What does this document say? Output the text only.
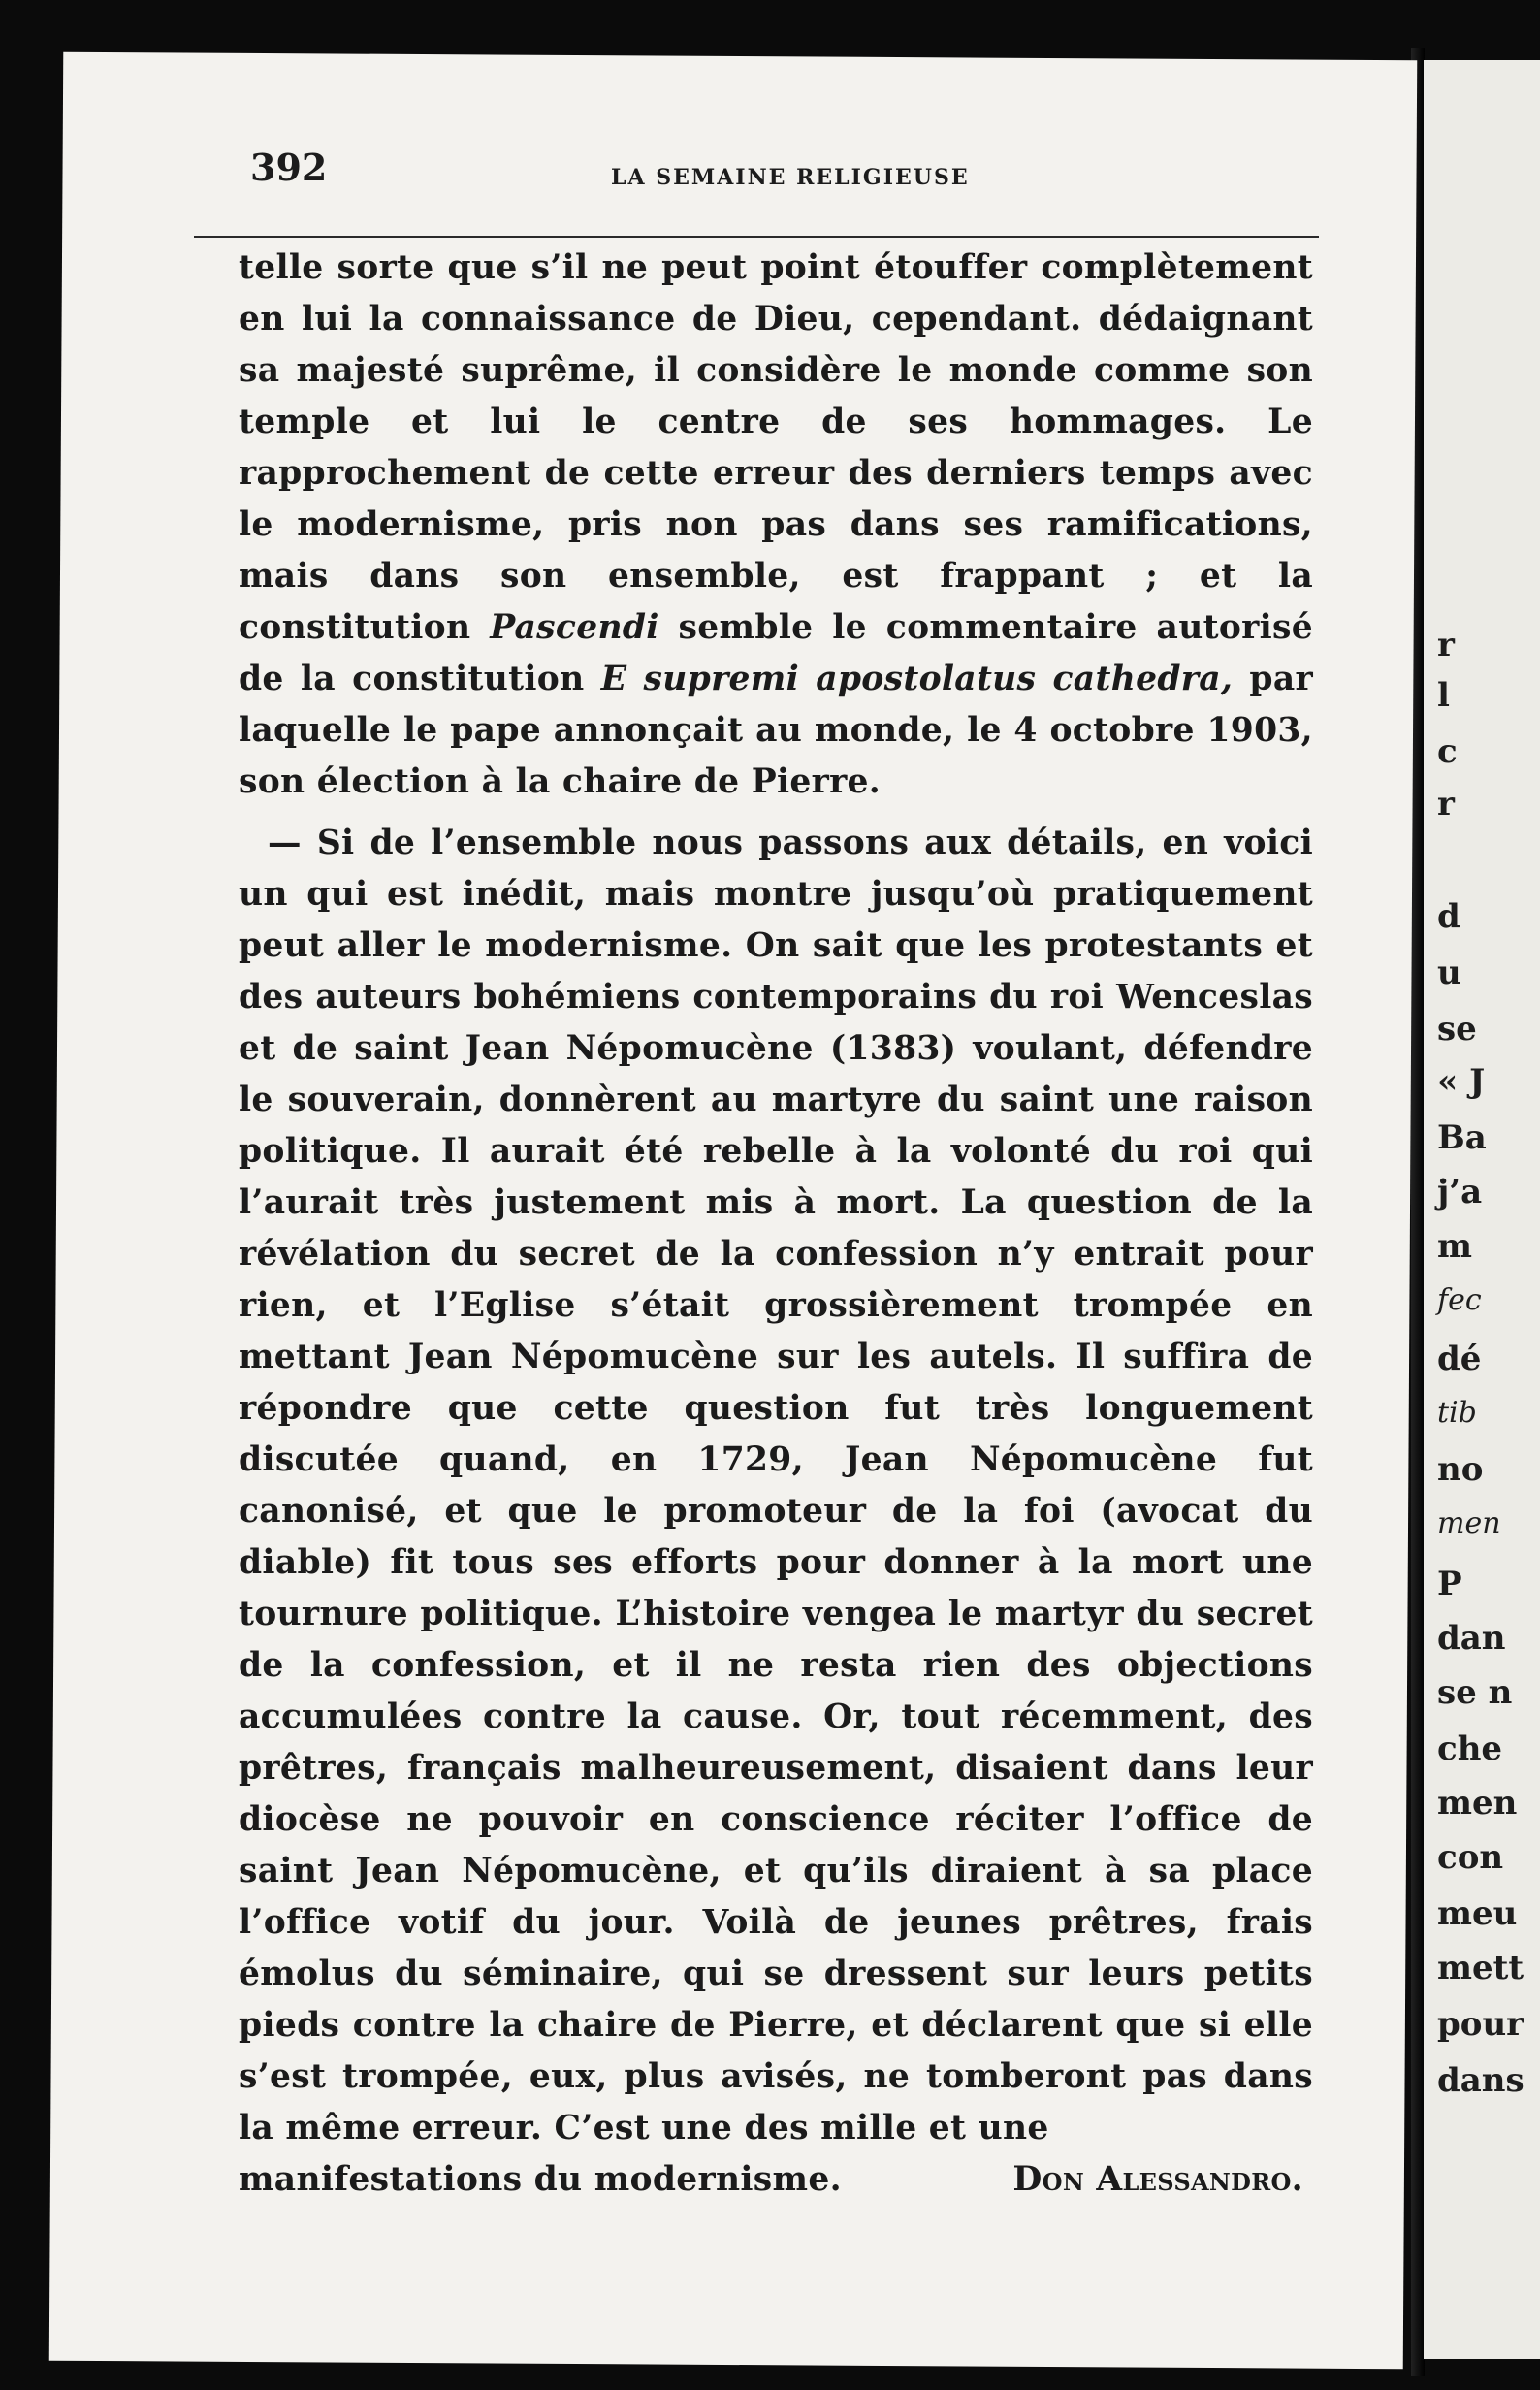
392	LA SEMAINE RELIGIEUSE

telle sorte que s’il ne peut point étouffer complètement en lui la connaissance de Dieu, cependant. dédaignant sa majesté suprême, il considère le monde comme son temple et lui le centre de ses hommages. Le rapprochement de cette erreur des derniers temps avec le modernisme, pris non pas dans ses ramifications, mais dans son ensemble, est frappant ; et la constitution Pascendi semble le commentaire autorisé de la constitution E supremi apostolatus cathedra, par laquelle le pape annonçait au monde, le 4 octobre 1903, son élection à la chaire de Pierre.

— Si de l’ensemble nous passons aux détails, en voici un qui est inédit, mais montre jusqu’où pratiquement peut aller le modernisme. On sait que les protestants et des auteurs bohémiens contemporains du roi Wenceslas et de saint Jean Népomucène (1383) voulant, défendre le souverain, donnèrent au martyre du saint une raison politique. Il aurait été rebelle à la volonté du roi qui l’aurait très justement mis à mort. La question de la révélation du secret de la confession n’y entrait pour rien, et l’Eglise s’était grossièrement trompée en mettant Jean Népomucène sur les autels. Il suffira de répondre que cette question fut très longuement discutée quand, en 1729, Jean Népomucène fut canonisé, et que le promoteur de la foi (avocat du diable) fit tous ses efforts pour donner à la mort une tournure politique. L’histoire vengea le martyr du secret de la confession, et il ne resta rien des objections accumulées contre la cause. Or, tout récemment, des prêtres, français malheureusement, disaient dans leur diocèse ne pouvoir en conscience réciter l’office de saint Jean Népomucène, et qu’ils diraient à sa place l’office votif du jour. Voilà de jeunes prêtres, frais émolus du séminaire, qui se dressent sur leurs petits pieds contre la chaire de Pierre, et déclarent que si elle s’est trompée, eux, plus avisés, ne tomberont pas dans la même erreur. C’est une des mille et une

manifestations du modernisme.	Don Alessandro.
r
l
c
r
d
u
se
« J
Ba
j’a
m
fec
dé
tib
no
men
P
dan
se n
che
men
con
meu
mett
pour
dans
